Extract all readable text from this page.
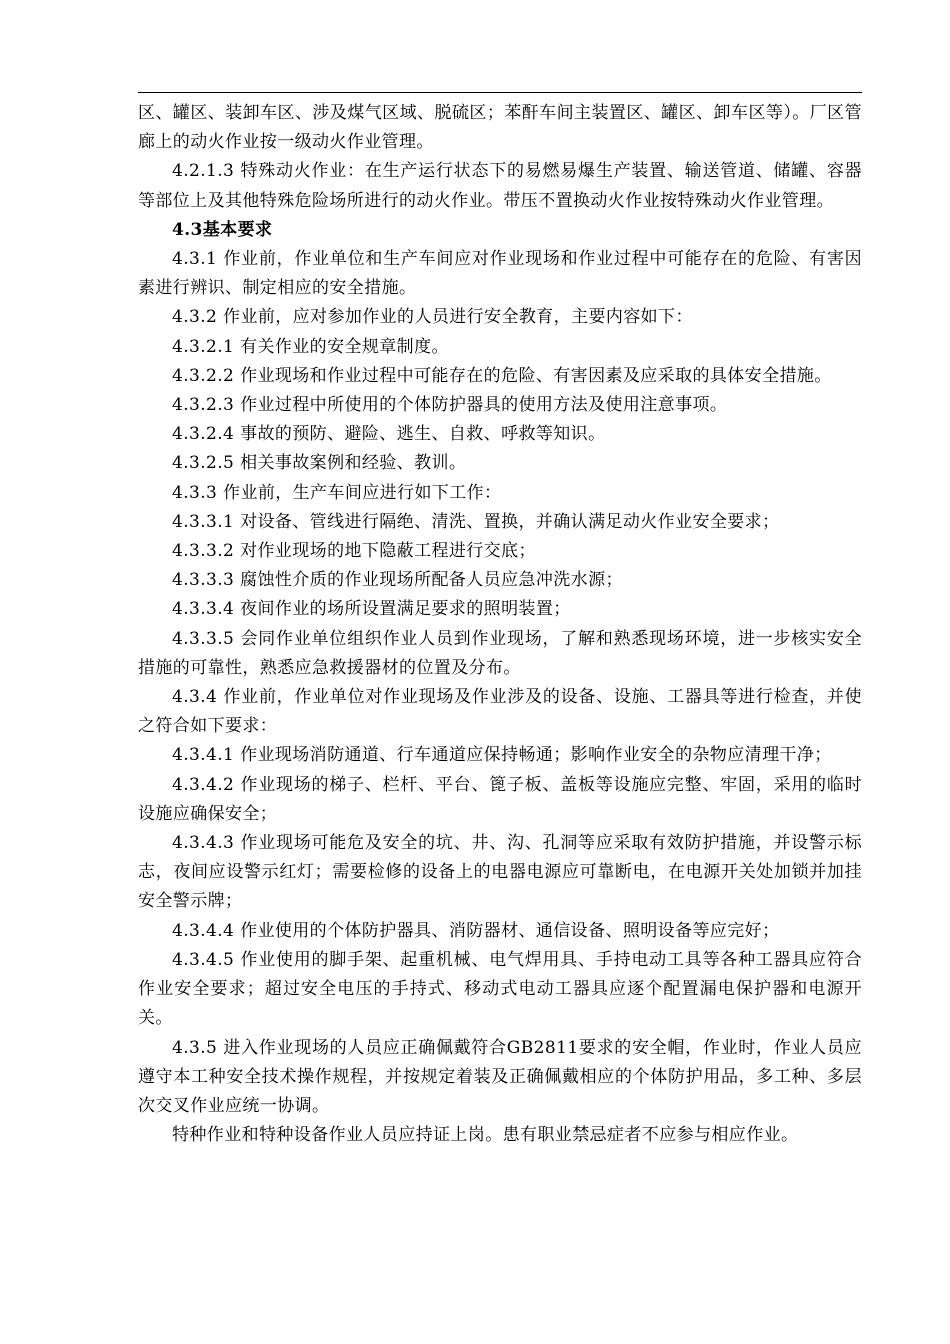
区、罐区、装卸车区、涉及煤气区域、脱硫区；苯酐车间主装置区、罐区、卸车区等）。厂区管廊上的动火作业按一级动火作业管理。

4.2.1.3 特殊动火作业：在生产运行状态下的易燃易爆生产装置、输送管道、储罐、容器等部位上及其他特殊危险场所进行的动火作业。带压不置换动火作业按特殊动火作业管理。

4.3基本要求

4.3.1 作业前，作业单位和生产车间应对作业现场和作业过程中可能存在的危险、有害因素进行辨识、制定相应的安全措施。

4.3.2 作业前，应对参加作业的人员进行安全教育，主要内容如下：

4.3.2.1 有关作业的安全规章制度。

4.3.2.2 作业现场和作业过程中可能存在的危险、有害因素及应采取的具体安全措施。

4.3.2.3 作业过程中所使用的个体防护器具的使用方法及使用注意事项。

4.3.2.4 事故的预防、避险、逃生、自救、呼救等知识。

4.3.2.5 相关事故案例和经验、教训。

4.3.3 作业前，生产车间应进行如下工作：

4.3.3.1 对设备、管线进行隔绝、清洗、置换，并确认满足动火作业安全要求；

4.3.3.2 对作业现场的地下隐蔽工程进行交底；

4.3.3.3 腐蚀性介质的作业现场所配备人员应急冲洗水源；

4.3.3.4 夜间作业的场所设置满足要求的照明装置；

4.3.3.5 会同作业单位组织作业人员到作业现场，了解和熟悉现场环境，进一步核实安全措施的可靠性，熟悉应急救援器材的位置及分布。

4.3.4 作业前，作业单位对作业现场及作业涉及的设备、设施、工器具等进行检查，并使之符合如下要求：

4.3.4.1 作业现场消防通道、行车通道应保持畅通；影响作业安全的杂物应清理干净；

4.3.4.2 作业现场的梯子、栏杆、平台、篦子板、盖板等设施应完整、牢固，采用的临时设施应确保安全；

4.3.4.3 作业现场可能危及安全的坑、井、沟、孔洞等应采取有效防护措施，并设警示标志，夜间应设警示红灯；需要检修的设备上的电器电源应可靠断电，在电源开关处加锁并加挂安全警示牌；

4.3.4.4 作业使用的个体防护器具、消防器材、通信设备、照明设备等应完好；

4.3.4.5 作业使用的脚手架、起重机械、电气焊用具、手持电动工具等各种工器具应符合作业安全要求；超过安全电压的手持式、移动式电动工器具应逐个配置漏电保护器和电源开关。

4.3.5 进入作业现场的人员应正确佩戴符合GB2811要求的安全帽，作业时，作业人员应遵守本工种安全技术操作规程，并按规定着装及正确佩戴相应的个体防护用品，多工种、多层次交叉作业应统一协调。

特种作业和特种设备作业人员应持证上岗。患有职业禁忌症者不应参与相应作业。
